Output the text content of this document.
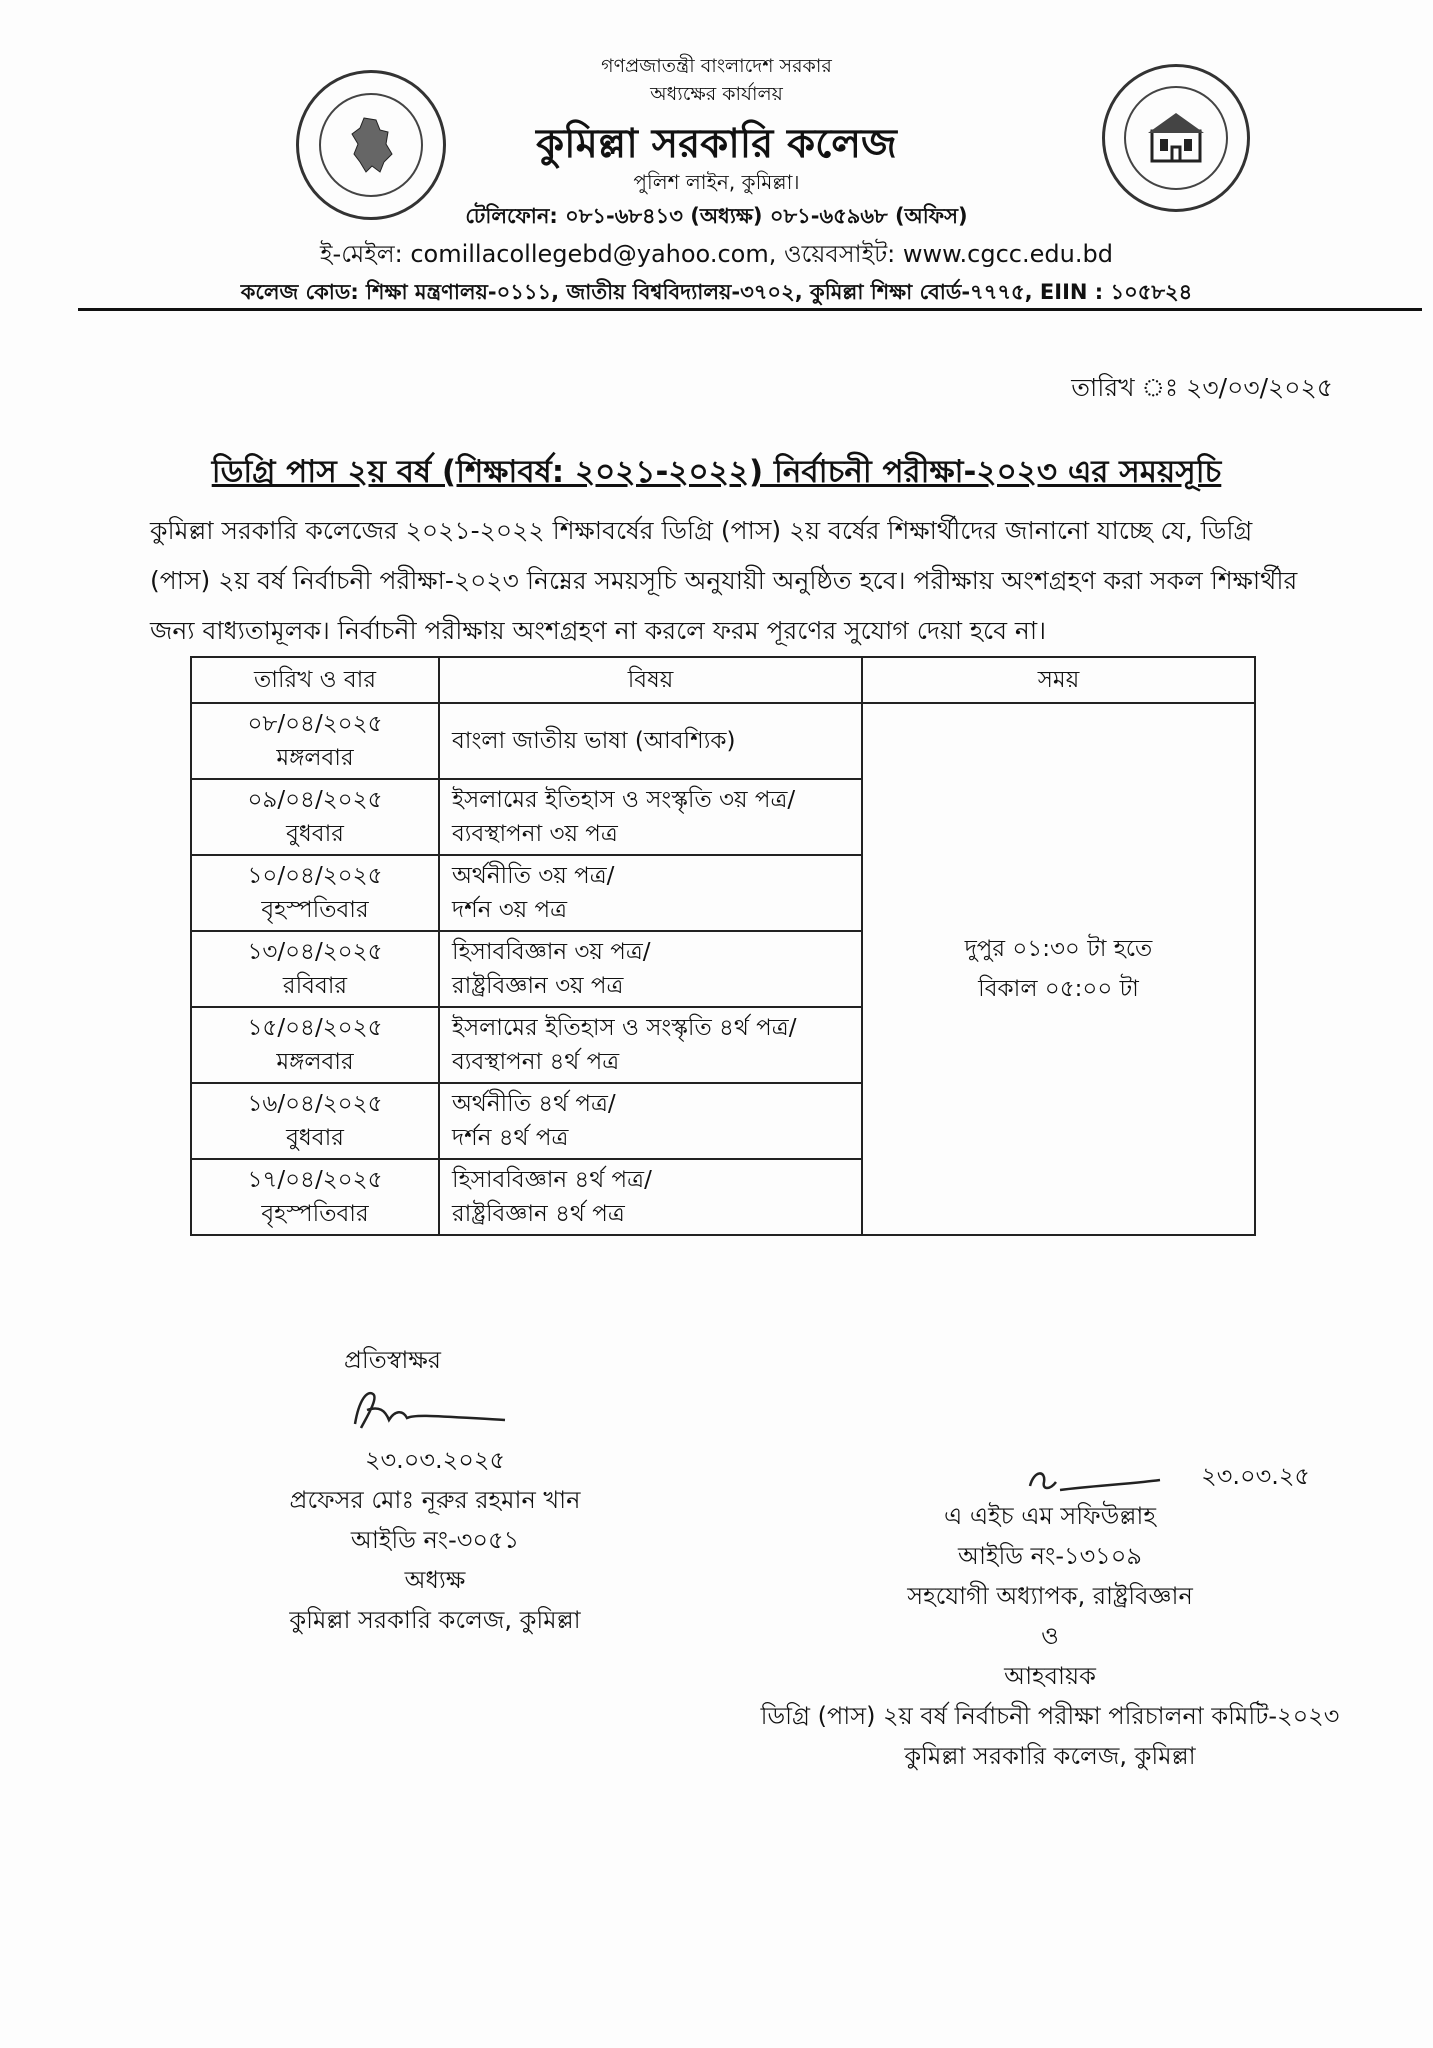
গণপ্রজাতন্ত্রী বাংলাদেশ সরকার
অধ্যক্ষের কার্যালয়
কুমিল্লা সরকারি কলেজ
পুলিশ লাইন, কুমিল্লা।
টেলিফোন: ০৮১-৬৮৪১৩ (অধ্যক্ষ) ০৮১-৬৫৯৬৮ (অফিস)
ই-মেইল: comillacollegebd@yahoo.com, ওয়েবসাইট: www.cgcc.edu.bd
কলেজ কোড: শিক্ষা মন্ত্রণালয়-০১১১, জাতীয় বিশ্ববিদ্যালয়-৩৭০২, কুমিল্লা শিক্ষা বোর্ড-৭৭৭৫, EIIN : ১০৫৮২৪
তারিখ ঃ ২৩/০৩/২০২৫
ডিগ্রি পাস ২য় বর্ষ (শিক্ষাবর্ষ: ২০২১-২০২২) নির্বাচনী পরীক্ষা-২০২৩ এর সময়সূচি
কুমিল্লা সরকারি কলেজের ২০২১-২০২২ শিক্ষাবর্ষের ডিগ্রি (পাস) ২য় বর্ষের শিক্ষার্থীদের জানানো যাচ্ছে যে, ডিগ্রি (পাস) ২য় বর্ষ নির্বাচনী পরীক্ষা-২০২৩ নিম্নের সময়সূচি অনুযায়ী অনুষ্ঠিত হবে। পরীক্ষায় অংশগ্রহণ করা সকল শিক্ষার্থীর জন্য বাধ্যতামূলক। নির্বাচনী পরীক্ষায় অংশগ্রহণ না করলে ফরম পূরণের সুযোগ দেয়া হবে না।
তারিখ ও বার	বিষয়	সময়

০৮/০৪/২০২৫
মঙ্গলবার	বাংলা জাতীয় ভাষা (আবশ্যিক)	দুপুর ০১:৩০ টা হতে
বিকাল ০৫:০০ টা

০৯/০৪/২০২৫
বুধবার	ইসলামের ইতিহাস ও সংস্কৃতি ৩য় পত্র/
ব্যবস্থাপনা ৩য় পত্র	

১০/০৪/২০২৫
বৃহস্পতিবার	অর্থনীতি ৩য় পত্র/
দর্শন ৩য় পত্র	

১৩/০৪/২০২৫
রবিবার	হিসাববিজ্ঞান ৩য় পত্র/
রাষ্ট্রবিজ্ঞান ৩য় পত্র	

১৫/০৪/২০২৫
মঙ্গলবার	ইসলামের ইতিহাস ও সংস্কৃতি ৪র্থ পত্র/
ব্যবস্থাপনা ৪র্থ পত্র	

১৬/০৪/২০২৫
বুধবার	অর্থনীতি ৪র্থ পত্র/
দর্শন ৪র্থ পত্র	

১৭/০৪/২০২৫
বৃহস্পতিবার	হিসাববিজ্ঞান ৪র্থ পত্র/
রাষ্ট্রবিজ্ঞান ৪র্থ পত্র	
প্রতিস্বাক্ষর
২৩.০৩.২০২৫
প্রফেসর মোঃ নূরুর রহমান খান
আইডি নং-৩০৫১
অধ্যক্ষ
কুমিল্লা সরকারি কলেজ, কুমিল্লা
২৩.০৩.২৫
এ এইচ এম সফিউল্লাহ
আইডি নং-১৩১০৯
সহযোগী অধ্যাপক, রাষ্ট্রবিজ্ঞান
ও
আহবায়ক
ডিগ্রি (পাস) ২য় বর্ষ নির্বাচনী পরীক্ষা পরিচালনা কমিটি-২০২৩
কুমিল্লা সরকারি কলেজ, কুমিল্লা
